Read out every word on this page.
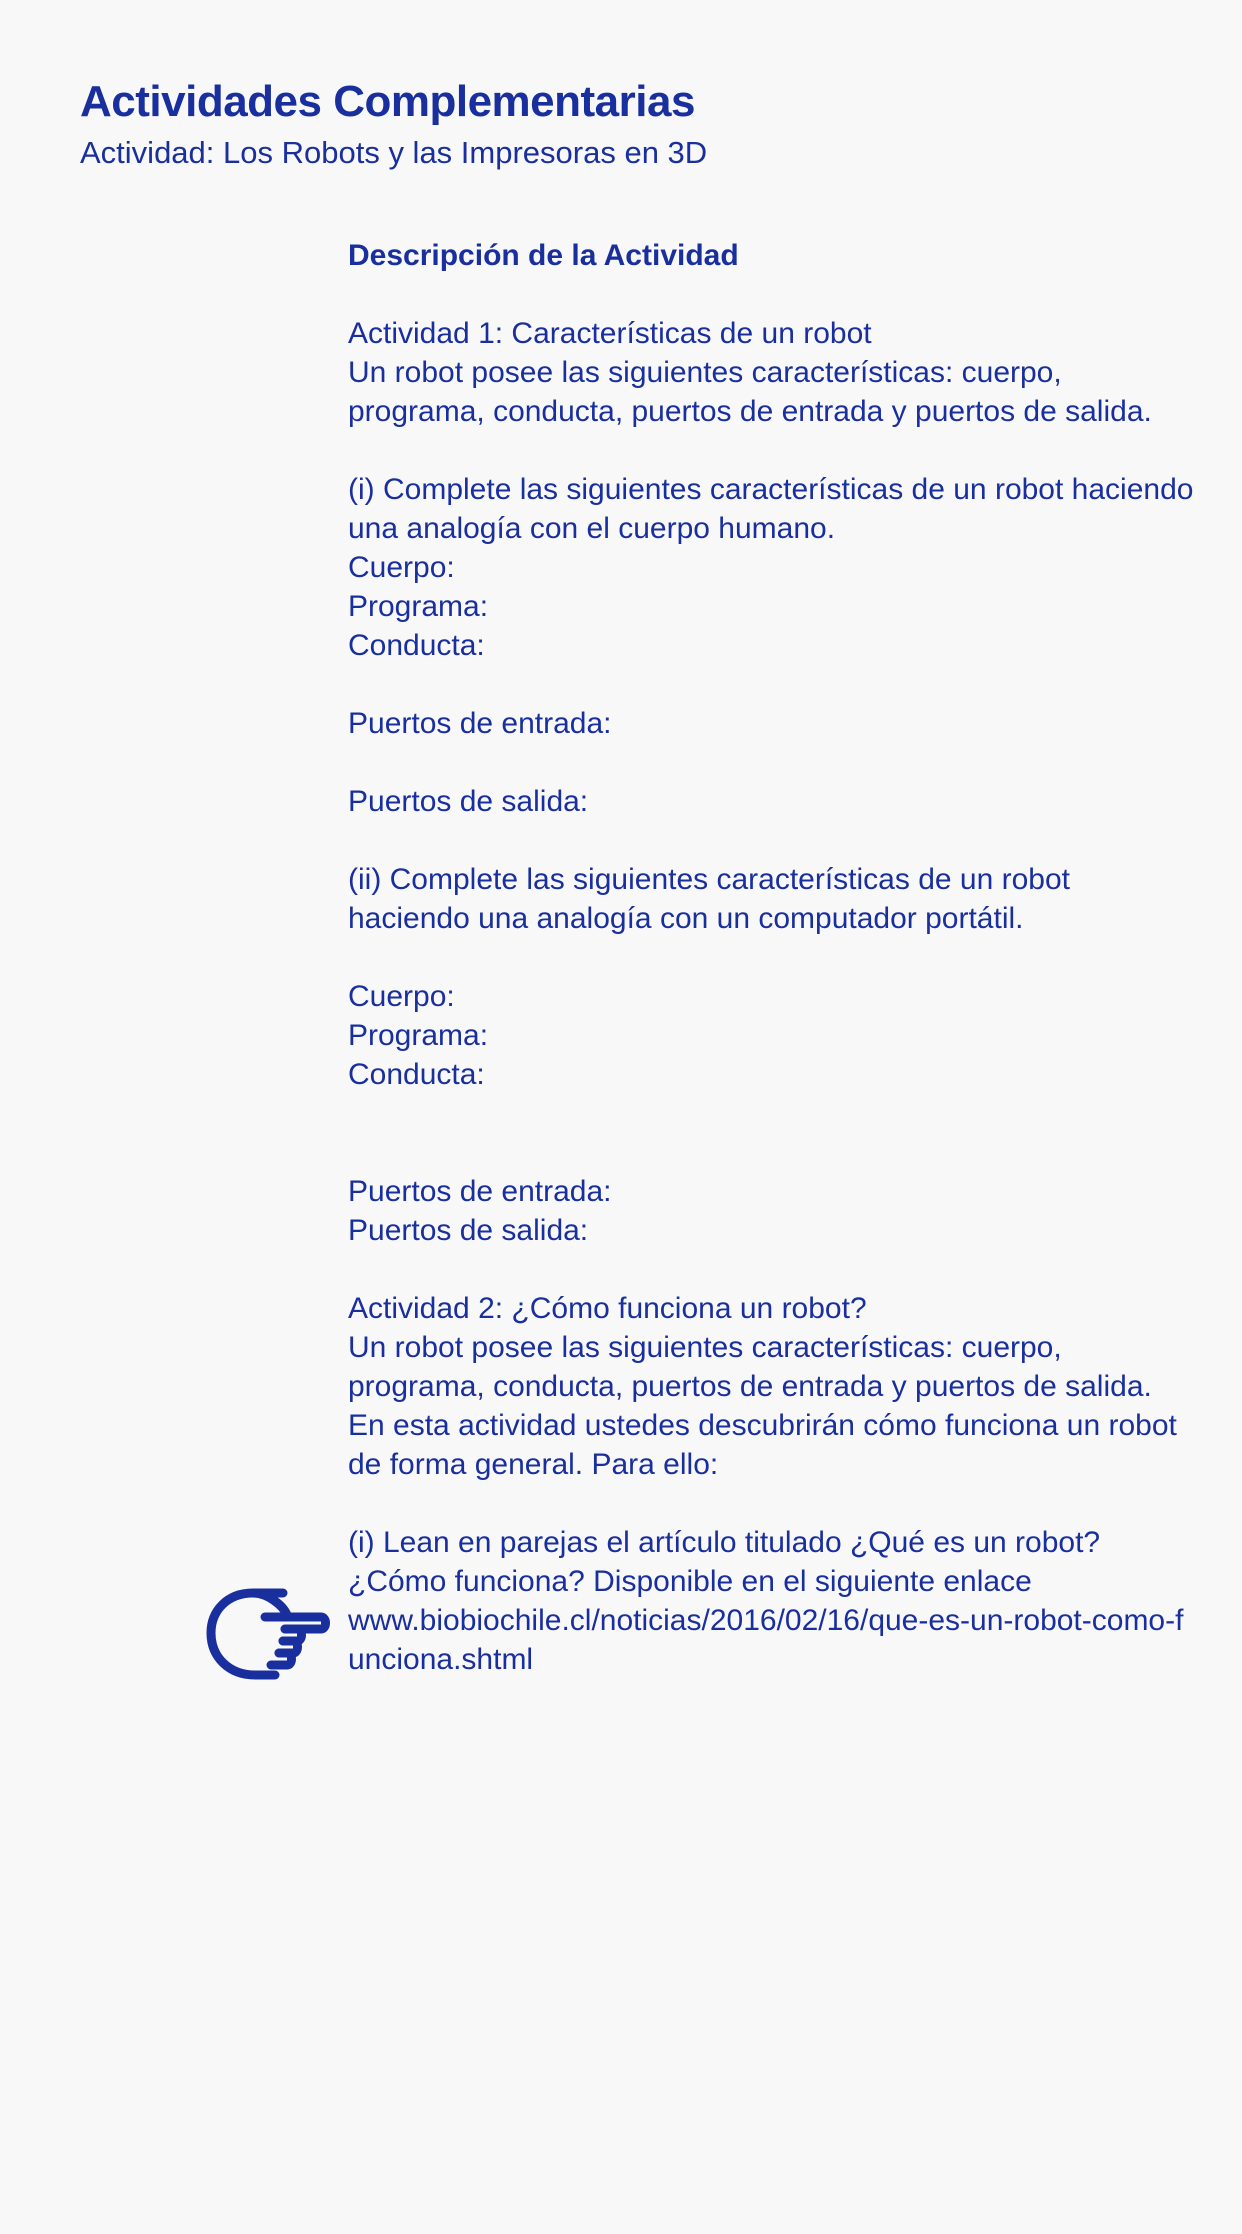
Actividades Complementarias

Actividad: Los Robots y las Impresoras en 3D

Descripción de la Actividad

Actividad 1: Características de un robot

Un robot posee las siguientes características: cuerpo, programa, conducta, puertos de entrada y puertos de salida.

(i) Complete las siguientes características de un robot haciendo una analogía con el cuerpo humano.

Cuerpo:

Programa:

Conducta:

Puertos de entrada:

Puertos de salida:

(ii) Complete las siguientes características de un robot haciendo una analogía con un computador portátil.

Cuerpo:

Programa:

Conducta:

Puertos de entrada:

Puertos de salida:

Actividad 2: ¿Cómo funciona un robot?

Un robot posee las siguientes características: cuerpo, programa, conducta, puertos de entrada y puertos de salida.

En esta actividad ustedes descubrirán cómo funciona un robot de forma general. Para ello:

(i) Lean en parejas el artículo titulado ¿Qué es un robot? ¿Cómo funciona? Disponible en el siguiente enlace

www.biobiochile.cl/noticias/2016/02/16/que-es-un-robot-como-funciona.shtml
